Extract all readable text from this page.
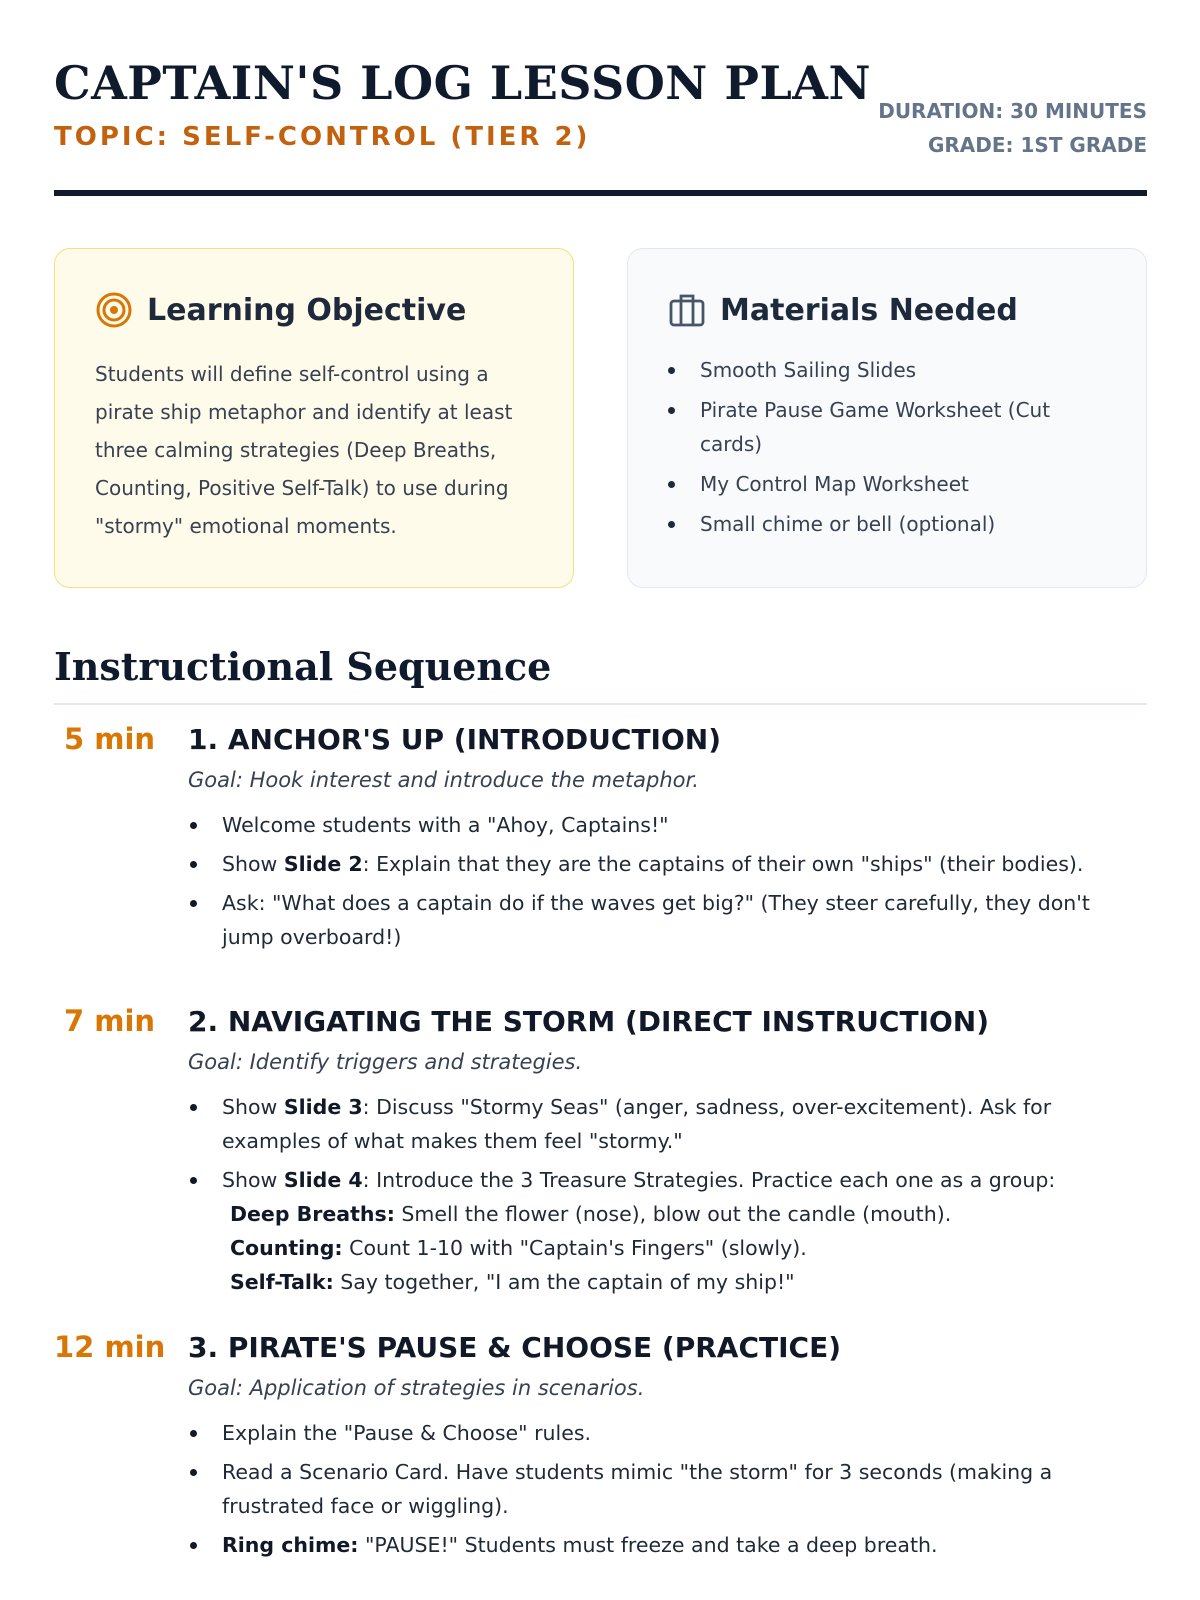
CAPTAIN'S LOG LESSON PLAN
TOPIC: SELF-CONTROL (TIER 2)
DURATION: 30 MINUTES
GRADE: 1ST GRADE
Learning Objective

Students will define self-control using a pirate ship metaphor and identify at least three calming strategies (Deep Breaths, Counting, Positive Self-Talk) to use during "stormy" emotional moments.

Materials Needed
Smooth Sailing Slides
Pirate Pause Game Worksheet (Cut cards)
My Control Map Worksheet
Small chime or bell (optional)
Instructional Sequence
5 min 1. ANCHOR'S UP (INTRODUCTION)
Goal: Hook interest and introduce the metaphor.
Welcome students with a "Ahoy, Captains!"
Show Slide 2: Explain that they are the captains of their own "ships" (their bodies).
Ask: "What does a captain do if the waves get big?" (They steer carefully, they don't jump overboard!)
7 min 2. NAVIGATING THE STORM (DIRECT INSTRUCTION)
Goal: Identify triggers and strategies.
Show Slide 3: Discuss "Stormy Seas" (anger, sadness, over-excitement). Ask for examples of what makes them feel "stormy."
Show Slide 4: Introduce the 3 Treasure Strategies. Practice each one as a group:
Deep Breaths: Smell the flower (nose), blow out the candle (mouth).
Counting: Count 1-10 with "Captain's Fingers" (slowly).
Self-Talk: Say together, "I am the captain of my ship!"
12 min 3. PIRATE'S PAUSE & CHOOSE (PRACTICE)
Goal: Application of strategies in scenarios.
Explain the "Pause & Choose" rules.
Read a Scenario Card. Have students mimic "the storm" for 3 seconds (making a frustrated face or wiggling).
Ring chime: "PAUSE!" Students must freeze and take a deep breath.
